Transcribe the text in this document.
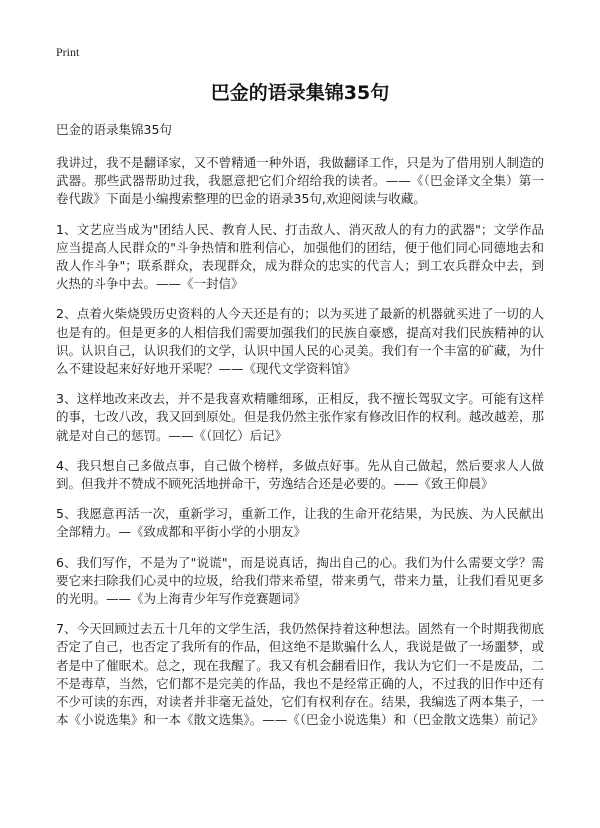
Print

巴金的语录集锦35句

巴金的语录集锦35句

我讲过，我不是翻译家，又不曾精通一种外语，我做翻译工作，只是为了借用别人制造的武器。那些武器帮助过我，我愿意把它们介绍给我的读者。——《（巴金译文全集）第一卷代跋》下面是小编搜索整理的巴金的语录35句,欢迎阅读与收藏。

1、文艺应当成为"团结人民、教育人民、打击敌人、消灭敌人的有力的武器"；文学作品应当提高人民群众的"斗争热情和胜利信心，加强他们的团结，便于他们同心同德地去和敌人作斗争"；联系群众，表现群众，成为群众的忠实的代言人；到工农兵群众中去，到火热的斗争中去。——《一封信》

2、点着火柴烧毁历史资料的人今天还是有的；以为买进了最新的机器就买进了一切的人也是有的。但是更多的人相信我们需要加强我们的民族自豪感，提高对我们民族精神的认识。认识自己，认识我们的文学，认识中国人民的心灵美。我们有一个丰富的矿藏，为什么不建设起来好好地开采呢？——《现代文学资料馆》

3、这样地改来改去，并不是我喜欢精雕细琢，正相反，我不擅长驾驭文字。可能有这样的事，七改八改，我又回到原处。但是我仍然主张作家有修改旧作的权利。越改越差，那就是对自己的惩罚。——《（回忆）后记》

4、我只想自己多做点事，自己做个榜样，多做点好事。先从自己做起，然后要求人人做到。但我并不赞成不顾死活地拼命干，劳逸结合还是必要的。——《致王仰晨》

5、我愿意再活一次，重新学习，重新工作，让我的生命开花结果，为民族、为人民献出全部精力。—《致成都和平街小学的小朋友》

6、我们写作，不是为了"说谎"，而是说真话，掏出自己的心。我们为什么需要文学？需要它来扫除我们心灵中的垃圾，给我们带来希望，带来勇气，带来力量，让我们看见更多的光明。——《为上海青少年写作竞赛题词》

7、今天回顾过去五十几年的文学生活，我仍然保持着这种想法。固然有一个时期我彻底否定了自己，也否定了我所有的作品，但这绝不是欺骗什么人，我说是做了一场噩梦，或者是中了催眠术。总之，现在我醒了。我又有机会翻看旧作，我认为它们一不是废品，二不是毒草，当然，它们都不是完美的作品，我也不是经常正确的人，不过我的旧作中还有不少可读的东西，对读者并非毫无益处，它们有权利存在。结果，我编选了两本集子，一本《小说选集》和一本《散文选集》。——《（巴金小说选集）和（巴金散文选集）前记》
